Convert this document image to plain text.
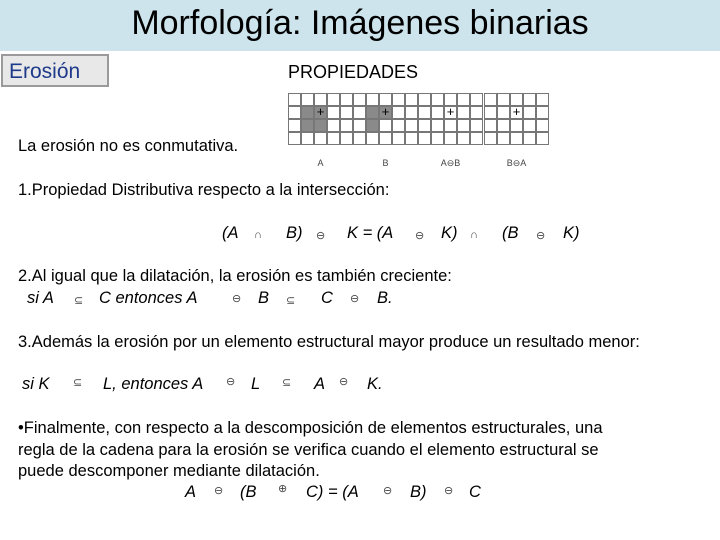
Morfología: Imágenes binarias
Erosión	PROPIEDADES
+
A
+
B
+
A⊖B
+
B⊖A
La erosión no es conmutativa.
1.Propiedad Distributiva respecto a la intersección:
(A ∩ B) ⊖ K = (A ⊖ K) ∩ (B ⊖ K)
2.Al igual que la dilatación, la erosión es también creciente:
si A ⊆ C entonces A	⊖ B ⊆ C ⊖ B.
3.Además la erosión por un elemento estructural mayor produce un resultado menor:
si K ⊆ L, entonces A ⊖ L ⊆ A ⊖ K.
•Finalmente, con respecto a la descomposición de elementos estructurales, una
regla de la cadena para la erosión se verifica cuando el elemento estructural se
puede descomponer mediante dilatación.
A ⊖ (B ⊕ C) = (A ⊖ B) ⊖ C
